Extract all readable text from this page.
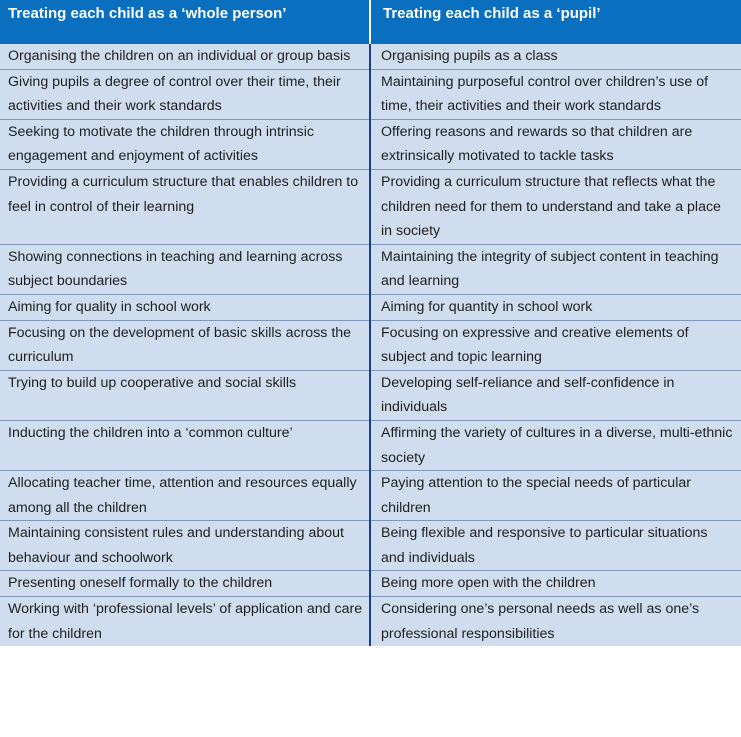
Treating each child as a ‘whole person’	Treating each child as a ‘pupil’
Organising the children on an individual or group basis	Organising pupils as a class
Giving pupils a degree of control over their time, their activities and their work standards	Maintaining purposeful control over children’s use of time, their activities and their work standards
Seeking to motivate the children through intrinsic engagement and enjoyment of activities	Offering reasons and rewards so that children are extrinsically motivated to tackle tasks
Providing a curriculum structure that enables children to feel in control of their learning	Providing a curriculum structure that reflects what the children need for them to understand and take a place in society
Showing connections in teaching and learning across subject boundaries	Maintaining the integrity of subject content in teaching and learning
Aiming for quality in school work	Aiming for quantity in school work
Focusing on the development of basic skills across the curriculum	Focusing on expressive and creative elements of subject and topic learning
Trying to build up cooperative and social skills	Developing self-reliance and self-confidence in individuals
Inducting the children into a ‘common culture’	Affirming the variety of cultures in a diverse, multi-ethnic society
Allocating teacher time, attention and resources equally among all the children	Paying attention to the special needs of particular children
Maintaining consistent rules and understanding about behaviour and schoolwork	Being flexible and responsive to particular situations and individuals
Presenting oneself formally to the children	Being more open with the children
Working with ‘professional levels’ of application and care for the children	Considering one’s personal needs as well as one’s professional responsibilities
